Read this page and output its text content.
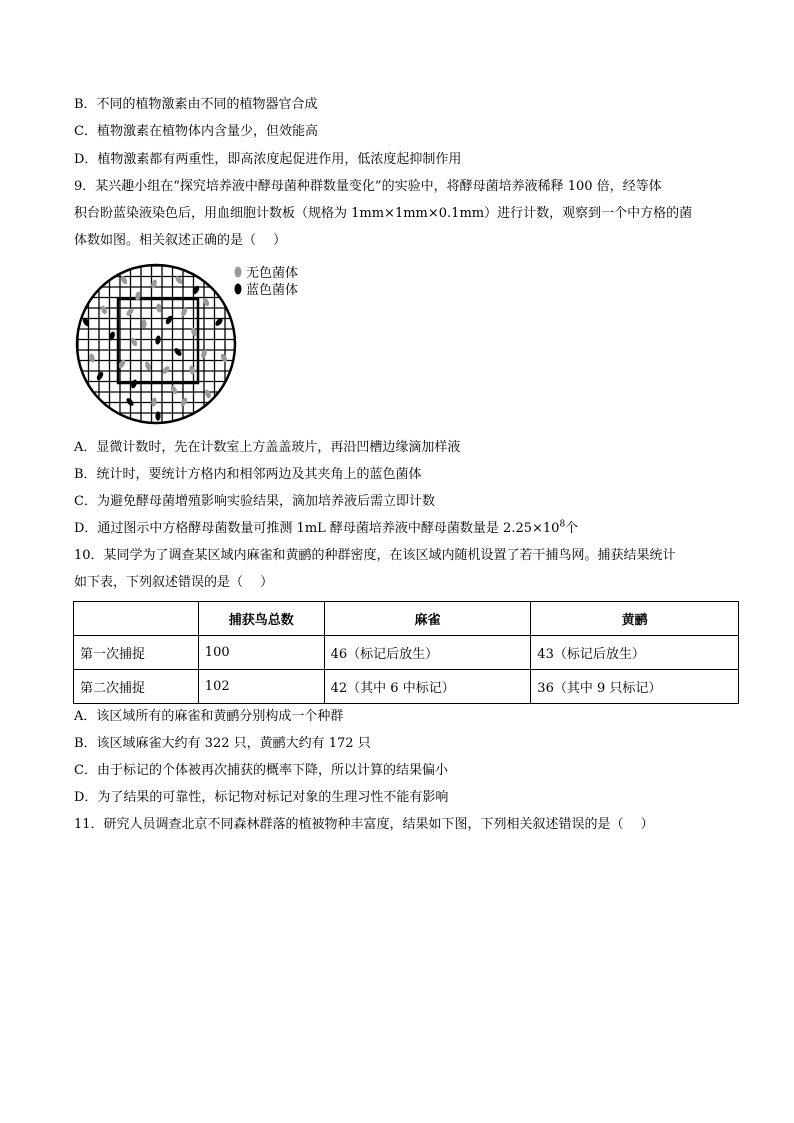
B．不同的植物激素由不同的植物器官合成
C．植物激素在植物体内含量少，但效能高
D．植物激素都有两重性，即高浓度起促进作用，低浓度起抑制作用
9．某兴趣小组在“探究培养液中酵母菌种群数量变化”的实验中，将酵母菌培养液稀释 100 倍，经等体
积台盼蓝染液染色后，用血细胞计数板（规格为 1mm×1mm×0.1mm）进行计数，观察到一个中方格的菌
体数如图。相关叙述正确的是（　 ）
无色菌体
蓝色菌体
A．显微计数时，先在计数室上方盖盖玻片，再沿凹槽边缘滴加样液
B．统计时，要统计方格内和相邻两边及其夹角上的蓝色菌体
C．为避免酵母菌增殖影响实验结果，滴加培养液后需立即计数
D．通过图示中方格酵母菌数量可推测 1mL 酵母菌培养液中酵母菌数量是 $2.25\times 10^8$个
10．某同学为了调查某区域内麻雀和黄鹂的种群密度，在该区域内随机设置了若干捕鸟网。捕获结果统计
如下表，下列叙述错误的是（　 ）
	捕获鸟总数	麻雀	黄鹂
第一次捕捉	100	46（标记后放生）	43（标记后放生）
第二次捕捉	102	42（其中 6 中标记）	36（其中 9 只标记）
A．该区域所有的麻雀和黄鹂分别构成一个种群
B．该区域麻雀大约有 322 只，黄鹂大约有 172 只
C．由于标记的个体被再次捕获的概率下降，所以计算的结果偏小
D．为了结果的可靠性，标记物对标记对象的生理习性不能有影响
11．研究人员调查北京不同森林群落的植被物种丰富度，结果如下图，下列相关叙述错误的是（　 ）
